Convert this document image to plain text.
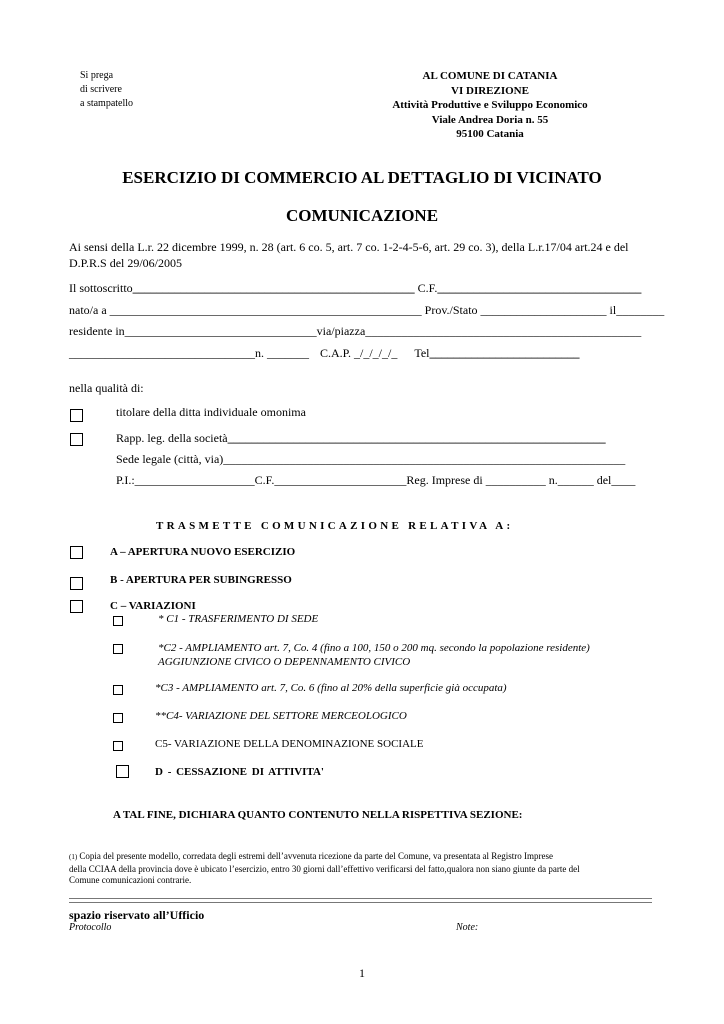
Si prega
di scrivere
a stampatello
AL COMUNE DI CATANIA
VI DIREZIONE
Attività Produttive e Sviluppo Economico
Viale Andrea Doria n. 55
95100 Catania
ESERCIZIO DI COMMERCIO AL DETTAGLIO DI VICINATO
COMUNICAZIONE
Ai sensi della L.r. 22 dicembre 1999, n. 28 (art. 6 co. 5, art. 7 co. 1-2-4-5-6, art. 29 co. 3), della L.r.17/04 art.24 e del
D.P.R.S del 29/06/2005
Il sottoscritto_______________________________________________ C.F.__________________________________
nato/a a ____________________________________________________ Prov./Stato _____________________ il________
residente in________________________________via/piazza______________________________________________
_______________________________n. _______ C.A.P. _/_/_/_/_ Tel_________________________
nella qualità di:
titolare della ditta individuale omonima
Rapp. leg. della società_______________________________________________________________
Sede legale (città, via)___________________________________________________________________
P.I.:____________________C.F.______________________Reg. Imprese di __________ n.______ del____
TRASMETTE COMUNICAZIONE RELATIVA A:
A – APERTURA NUOVO ESERCIZIO
B - APERTURA PER SUBINGRESSO
C – VARIAZIONI
* C1 - TRASFERIMENTO DI SEDE
*C2 - AMPLIAMENTO art. 7, Co. 4 (fino a 100, 150 o 200 mq. secondo la popolazione residente)
AGGIUNZIONE CIVICO O DEPENNAMENTO CIVICO
*C3 - AMPLIAMENTO art. 7, Co. 6 (fino al 20% della superficie già occupata)
**C4- VARIAZIONE DEL SETTORE MERCEOLOGICO
C5- VARIAZIONE DELLA DENOMINAZIONE SOCIALE
D - CESSAZIONE DI ATTIVITA'
A TAL FINE, DICHIARA QUANTO CONTENUTO NELLA RISPETTIVA SEZIONE:
(1) Copia del presente modello, corredata degli estremi dell’avvenuta ricezione da parte del Comune, va presentata al Registro Imprese
della CCIAA della provincia dove è ubicato l’esercizio, entro 30 giorni dall’effettivo verificarsi del fatto,qualora non siano giunte da parte del
Comune comunicazioni contrarie.
spazio riservato all’Ufficio
Protocollo	Note:
1
